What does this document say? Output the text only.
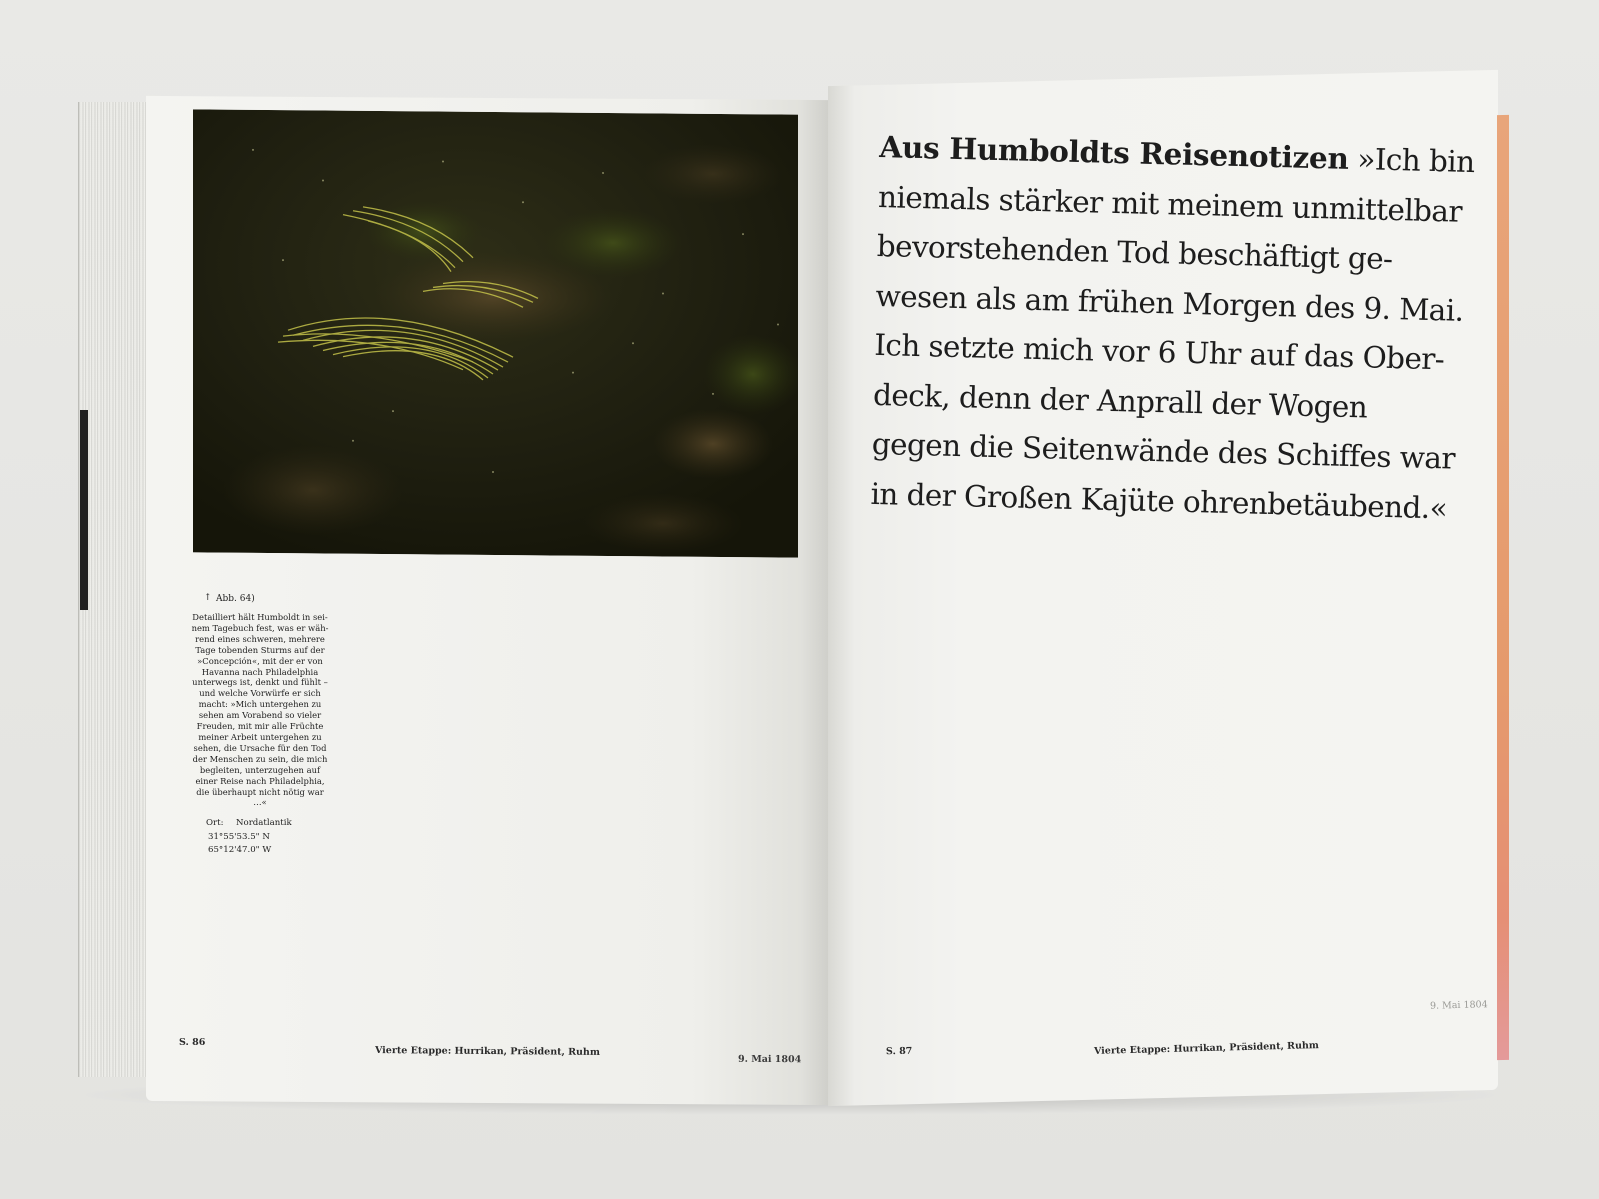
↑ Abb. 64)
Detailliert hält Humboldt in sei-
nem Tagebuch fest, was er wäh-
rend eines schweren, mehrere
Tage tobenden Sturms auf der
»Concepción«, mit der er von
Havanna nach Philadelphia
unterwegs ist, denkt und fühlt –
und welche Vorwürfe er sich
macht: »Mich untergehen zu
sehen am Vorabend so vieler
Freuden, mit mir alle Früchte
meiner Arbeit untergehen zu
sehen, die Ursache für den Tod
der Menschen zu sein, die mich
begleiten, unterzugehen auf
einer Reise nach Philadelphia,
die überhaupt nicht nötig war …«
Ort: Nordatlantik
31°55'53.5" N
65°12'47.0" W
S. 86
Vierte Etappe: Hurrikan, Präsident, Ruhm
9. Mai 1804
Aus Humboldts Reisenotizen »Ich bin
niemals stärker mit meinem unmittelbar
bevorstehenden Tod beschäftigt ge-
wesen als am frühen Morgen des 9. Mai.
Ich setzte mich vor 6 Uhr auf das Ober-
deck, denn der Anprall der Wogen
gegen die Seitenwände des Schiffes war
in der Großen Kajüte ohrenbetäubend.«
S. 87	Vierte Etappe: Hurrikan, Präsident, Ruhm
9. Mai 1804
